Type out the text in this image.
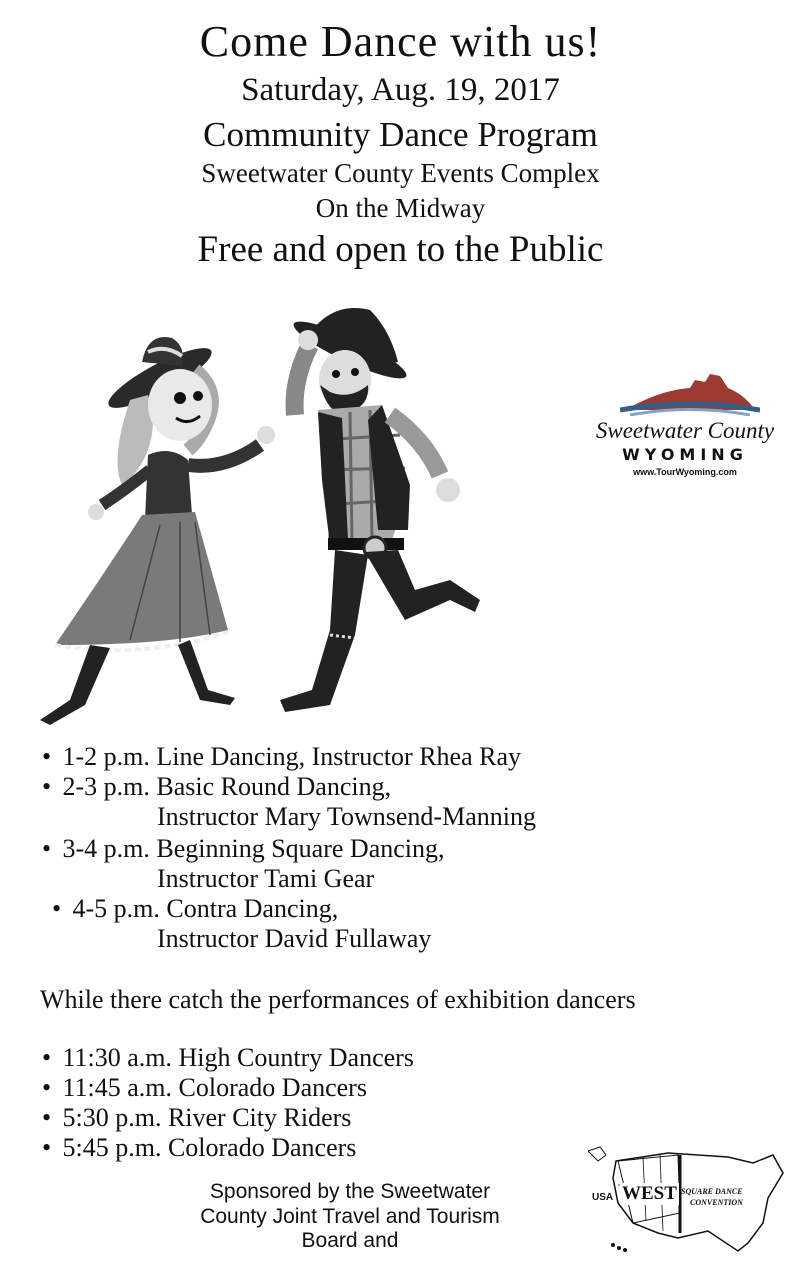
Come Dance with us!
Saturday, Aug. 19, 2017
Community Dance Program
Sweetwater County Events Complex
On the Midway
Free and open to the Public
Sweetwater County
WYOMING
www.TourWyoming.com
• 1-2 p.m. Line Dancing, Instructor Rhea Ray
• 2-3 p.m. Basic Round Dancing,
Instructor Mary Townsend-Manning
• 3-4 p.m. Beginning Square Dancing,
Instructor Tami Gear
• 4-5 p.m. Contra Dancing,
Instructor David Fullaway
While there catch the performances of exhibition dancers
• 11:30 a.m. High Country Dancers
• 11:45 a.m. Colorado Dancers
• 5:30 p.m. River City Riders
• 5:45 p.m. Colorado Dancers
Sponsored by the Sweetwater
County Joint Travel and Tourism
Board and
USA WEST SQUARE DANCE
CONVENTION
